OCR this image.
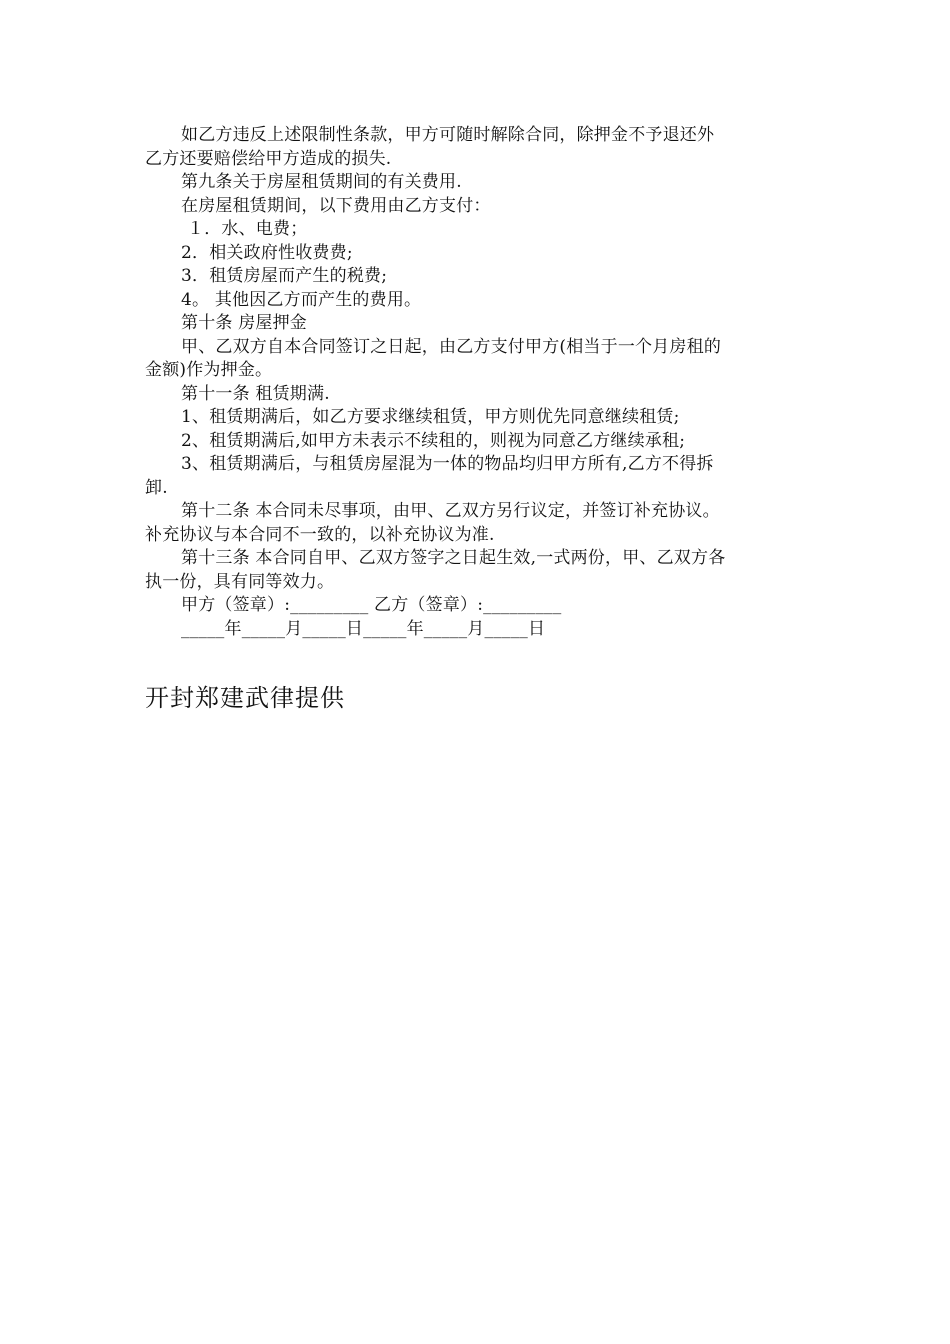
如乙方违反上述限制性条款，甲方可随时解除合同，除押金不予退还外
乙方还要赔偿给甲方造成的损失.
第九条关于房屋租赁期间的有关费用.
在房屋租赁期间，以下费用由乙方支付：
１．水、电费；
2．相关政府性收费费;
3．租赁房屋而产生的税费;
4。 其他因乙方而产生的费用。
第十条 房屋押金
甲、乙双方自本合同签订之日起，由乙方支付甲方(相当于一个月房租的
金额)作为押金。
第十一条 租赁期满.
1、租赁期满后，如乙方要求继续租赁，甲方则优先同意继续租赁;
2、租赁期满后,如甲方未表示不续租的，则视为同意乙方继续承租;
3、租赁期满后，与租赁房屋混为一体的物品均归甲方所有,乙方不得拆
卸.
第十二条 本合同未尽事项，由甲、乙双方另行议定，并签订补充协议。
补充协议与本合同不一致的，以补充协议为准.
第十三条 本合同自甲、乙双方签字之日起生效,一式两份，甲、乙双方各
执一份，具有同等效力。
甲方（签章）:_________ 乙方（签章）:_________
_____年_____月_____日_____年_____月_____日
开封郑建武律提供
